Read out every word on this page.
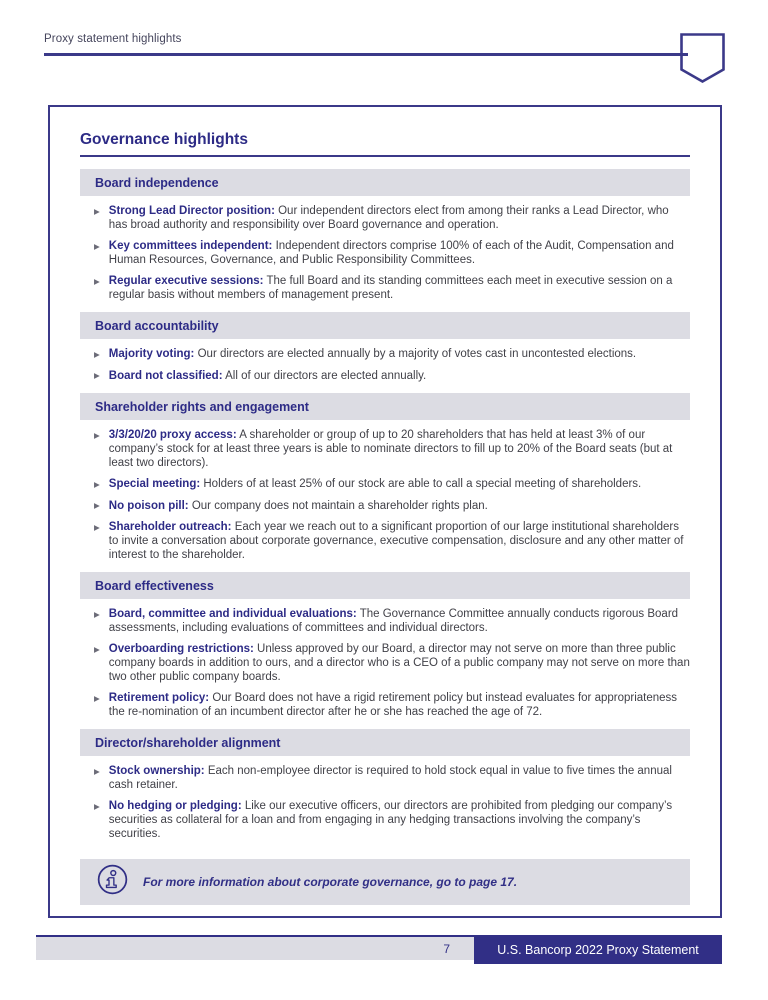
Proxy statement highlights
Governance highlights
Board independence
▶ Strong Lead Director position: Our independent directors elect from among their ranks a Lead Director, who has broad authority and responsibility over Board governance and operation.

▶ Key committees independent: Independent directors comprise 100% of each of the Audit, Compensation and Human Resources, Governance, and Public Responsibility Committees.

▶ Regular executive sessions: The full Board and its standing committees each meet in executive session on a regular basis without members of management present.

Board accountability
▶ Majority voting: Our directors are elected annually by a majority of votes cast in uncontested elections.

▶ Board not classified: All of our directors are elected annually.

Shareholder rights and engagement
▶ 3/3/20/20 proxy access: A shareholder or group of up to 20 shareholders that has held at least 3% of our company’s stock for at least three years is able to nominate directors to fill up to 20% of the Board seats (but at least two directors).

▶ Special meeting: Holders of at least 25% of our stock are able to call a special meeting of shareholders.

▶ No poison pill: Our company does not maintain a shareholder rights plan.

▶ Shareholder outreach: Each year we reach out to a significant proportion of our large institutional shareholders to invite a conversation about corporate governance, executive compensation, disclosure and any other matter of interest to the shareholder.

Board effectiveness
▶ Board, committee and individual evaluations: The Governance Committee annually conducts rigorous Board assessments, including evaluations of committees and individual directors.

▶ Overboarding restrictions: Unless approved by our Board, a director may not serve on more than three public company boards in addition to ours, and a director who is a CEO of a public company may not serve on more than two other public company boards.

▶ Retirement policy: Our Board does not have a rigid retirement policy but instead evaluates for appropriateness the re-nomination of an incumbent director after he or she has reached the age of 72.

Director/shareholder alignment
▶ Stock ownership: Each non-employee director is required to hold stock equal in value to five times the annual cash retainer.

▶ No hedging or pledging: Like our executive officers, our directors are prohibited from pledging our company’s securities as collateral for a loan and from engaging in any hedging transactions involving the company’s securities.

For more information about corporate governance, go to page 17.
7	U.S. Bancorp 2022 Proxy Statement
